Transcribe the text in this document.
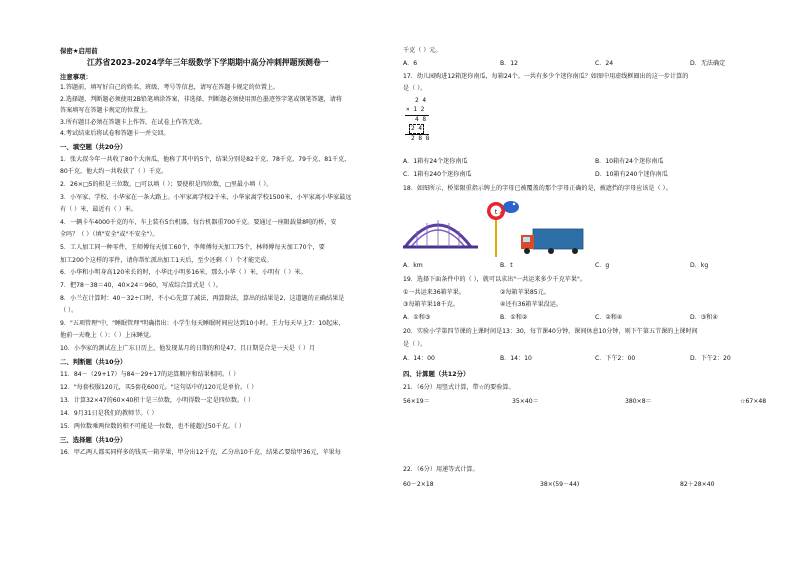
保密★启用前
江苏省2023-2024学年三年级数学下学期期中高分冲刺押题预测卷一
注意事项：
1.答题前，填写好自己的姓名、班级、考号等信息，请写在答题卡规定的位置上。
2.选择题、判断题必须使用2B铅笔填涂答案，非选择、判断题必须使用黑色墨迹签字笔或钢笔答题，请将
答案填写在答题卡规定的位置上。
3.所有题目必须在答题卡上作答，在试卷上作答无效。
4.考试结束后将试卷和答题卡一并交回。
一、填空题（共20分）
1．张大叔今年一共收了80个大南瓜，他称了其中的5个，结果分别是82千克、78千克、79千克、81千克、
80千克，他大约一共收获了（ ）千克。
2．26×□5的积是三位数，□可以填（ ）；要使积是四位数，□里最小填（ ）。
3．小军家、学校、小华家在一条大路上。小军家离学校2千米，小华家离学校1500米，小军家离小华家最远
有（ ）米，最近有（ ）米。
4．一辆卡车4000千克的车，车上装有5台机器，每台机器重700千克。要通过一座限载量8吨的桥，安
全吗？（ ）（填"安全"或"不安全"）。
5．工人加工同一种零件，王师傅每天加工60个，李师傅每天加工75个，林师傅每天加工70个，要
加工200个这样的零件，请你帮忙派出加工1天后，至少还剩（ ）个才能完成。
6．小华和小明身高120米长的时，小华比小明多16米，那么小华（ ）米，小明有（ ）米。
7．把78－38＝40，40×24＝960，写成综合算式是（ ）。
8．小兰在计算时：40－32÷口时，不小心先算了减法，再算除法，算出的结果是2，这道题的正确结果是
（ ）。
9．"五项管理"中，"睡眠管理"明确指出：小学生每天睡眠时间应达到10小时。王力每天早上7：10起床，
他前一天晚上（ ）：（ ）上床睡觉。
10．小李家的测试在上广东日历上，他发现某月的日期的和是47，且日期是合是一天是（ ）月
二、判断题（共10分）
11．84－（29+17）与84－29+17的运算顺序和结果相同。（ ）
12．"每套校服120元，买5套花600元。"这句话中的120元是单价。（ ）
13．计算32×47的60×40积十是三位数，小明得数一定是四位数。（ ）
14．9月31日是我们的教师节。（ ）
15．两位数乘两位数的积不可能是一位数，也不能超过50千克。（ ）
三、选择题（共10分）
16．甲乙两人都买同样多的钱买一箱苹果，甲分出12千克，乙分出10千克，结果乙要给甲36元，苹果每
千克（ ）元。
A．6	B．12	C．24	D．无法确定
17．幼儿园购进12箱迷你南瓜，每箱24个。一共有多少个迷你南瓜？如图中用虚线框圈出的这一步计算的
是（ ）。
2 4
× 1 2
4 8
2 4
2 8 8
A．1箱有24个迷你南瓜	B．10箱有24个迷你南瓜
C．1箱有240个迷你南瓜	D．10箱有240个迷你南瓜
18．如图所示，桥梁限重指示牌上的字母已被覆盖的那个字母正确的是，被遮挡的字母应该是（ ）。
t
A．km	B．t	C．g	D．kg
19．选择下面条件中的（ ），就可以求出"一共运来多少千克苹果"。
①一共运来36箱苹果。	②每箱苹果85元。
③每箱苹果18千克。	④还有36箱苹果没运。
A．①和③	B．①和②	C．②和④	D．③和④
20．实验小学第四节课的上课时间是13：30，每节课40分钟，课间休息10分钟，则下午第五节课的上课时间
是（ ）。
A．14：00	B．14：10	C．下午2：00	D．下午2：20
四、计算题（共12分）
21．（6分）用竖式计算，带☆的要验算。
56×19＝	35×40＝	380×8＝	☆67×48
22．（6分）用递等式计算。
60－2×18	38×(59－44)	82＋28×40
